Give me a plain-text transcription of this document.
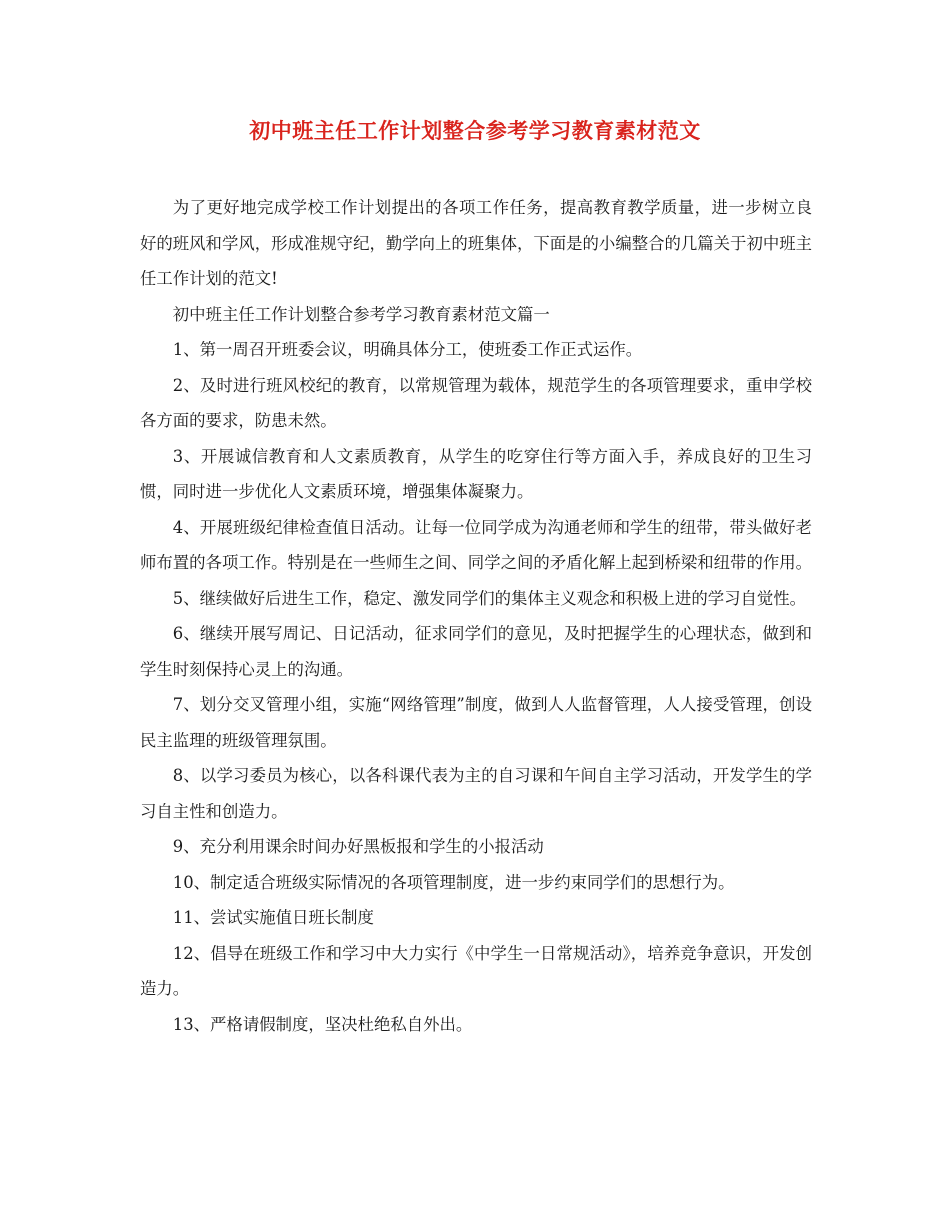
初中班主任工作计划整合参考学习教育素材范文

为了更好地完成学校工作计划提出的各项工作任务，提高教育教学质量，进一步树立良好的班风和学风，形成准规守纪，勤学向上的班集体，下面是的小编整合的几篇关于初中班主任工作计划的范文!

初中班主任工作计划整合参考学习教育素材范文篇一

1、第一周召开班委会议，明确具体分工，使班委工作正式运作。

2、及时进行班风校纪的教育，以常规管理为载体，规范学生的各项管理要求，重申学校各方面的要求，防患未然。

3、开展诚信教育和人文素质教育，从学生的吃穿住行等方面入手，养成良好的卫生习惯，同时进一步优化人文素质环境，增强集体凝聚力。

4、开展班级纪律检查值日活动。让每一位同学成为沟通老师和学生的纽带，带头做好老师布置的各项工作。特别是在一些师生之间、同学之间的矛盾化解上起到桥梁和纽带的作用。

5、继续做好后进生工作，稳定、激发同学们的集体主义观念和积极上进的学习自觉性。

6、继续开展写周记、日记活动，征求同学们的意见，及时把握学生的心理状态，做到和学生时刻保持心灵上的沟通。

7、划分交叉管理小组，实施“网络管理”制度，做到人人监督管理，人人接受管理，创设民主监理的班级管理氛围。

8、以学习委员为核心，以各科课代表为主的自习课和午间自主学习活动，开发学生的学习自主性和创造力。

9、充分利用课余时间办好黑板报和学生的小报活动

10、制定适合班级实际情况的各项管理制度，进一步约束同学们的思想行为。

11、尝试实施值日班长制度

12、倡导在班级工作和学习中大力实行《中学生一日常规活动》，培养竞争意识，开发创造力。

13、严格请假制度，坚决杜绝私自外出。
